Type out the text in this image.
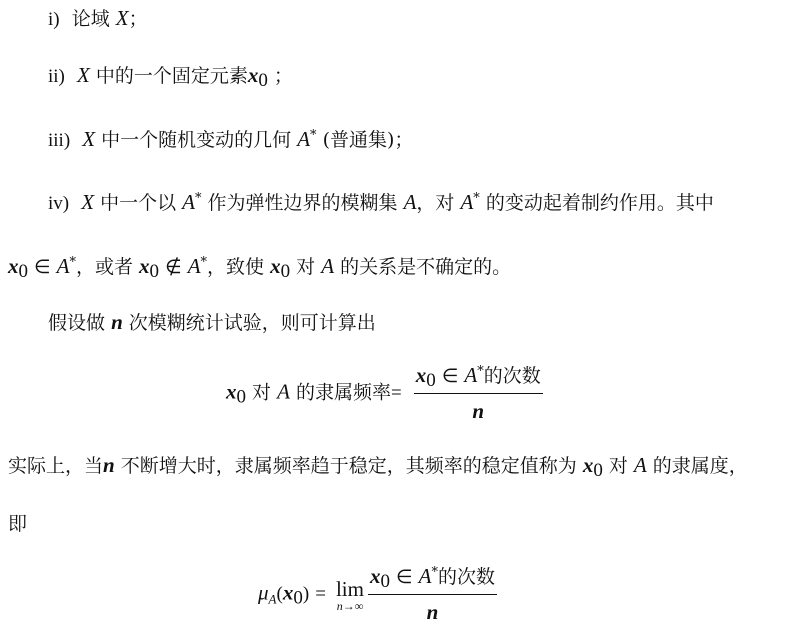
i) 论域 X；
ii) X 中的一个固定元素$x_0$ ；
iii) X 中一个随机变动的几何 A* (普通集)；
iv) X 中一个以 A* 作为弹性边界的模糊集 A，对 A* 的变动起着制约作用。其中
$x_0$ ∈ A*，或者 $x_0$ ∉ A*，致使 $x_0$ 对 A 的关系是不确定的。
假设做 n 次模糊统计试验，则可计算出
$x_0$ 对 A 的隶属频率= $\frac{x_0 \in A^*的次数}{n}$
实际上，当n 不断增大时，隶属频率趋于稳定，其频率的稳定值称为 $x_0$ 对 A 的隶属度，
即
$\mu_A(x_0) = \lim$
$n\to\infty \frac{x_0 \in A^*的次数}{n}$
